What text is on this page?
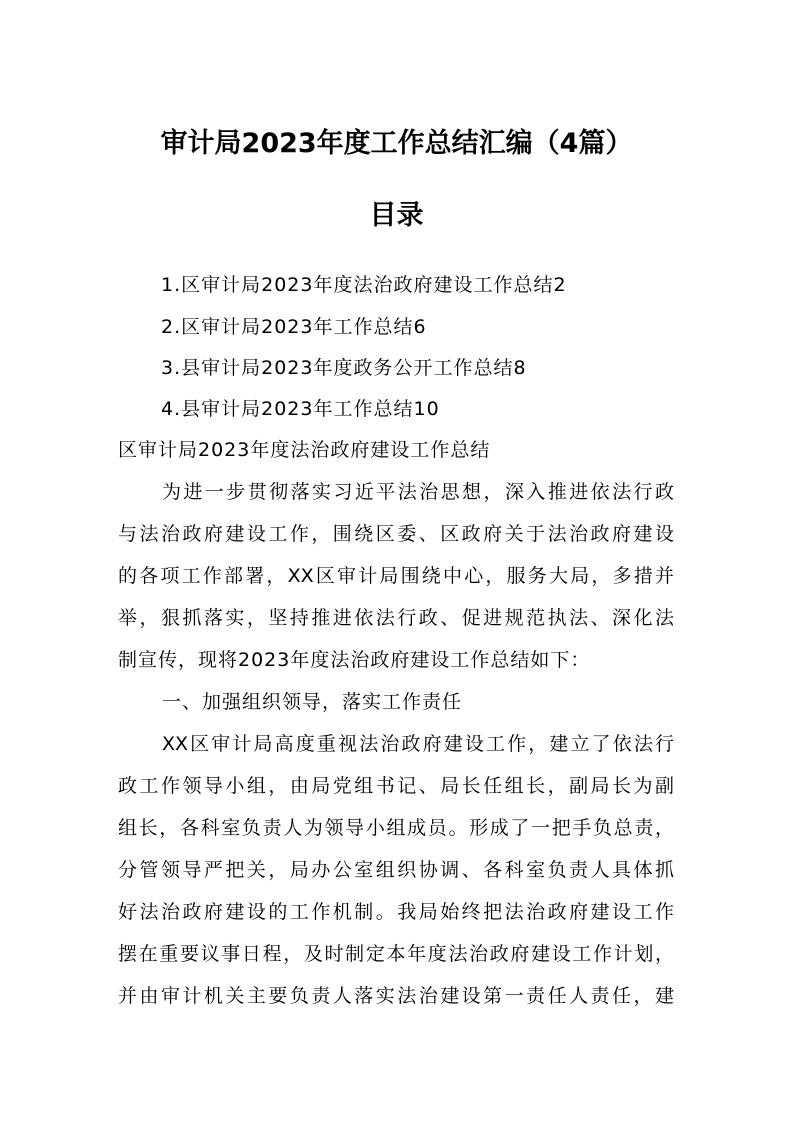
审计局2023年度工作总结汇编（4篇）
目录
1.区审计局2023年度法治政府建设工作总结2
2.区审计局2023年工作总结6
3.县审计局2023年度政务公开工作总结8
4.县审计局2023年工作总结10
区审计局2023年度法治政府建设工作总结
为进一步贯彻落实习近平法治思想，深入推进依法行政
与法治政府建设工作，围绕区委、区政府关于法治政府建设
的各项工作部署，XX区审计局围绕中心，服务大局，多措并
举，狠抓落实，坚持推进依法行政、促进规范执法、深化法
制宣传，现将2023年度法治政府建设工作总结如下：
一、加强组织领导，落实工作责任
XX区审计局高度重视法治政府建设工作，建立了依法行
政工作领导小组，由局党组书记、局长任组长，副局长为副
组长，各科室负责人为领导小组成员。形成了一把手负总责，
分管领导严把关，局办公室组织协调、各科室负责人具体抓
好法治政府建设的工作机制。我局始终把法治政府建设工作
摆在重要议事日程，及时制定本年度法治政府建设工作计划，
并由审计机关主要负责人落实法治建设第一责任人责任，建
